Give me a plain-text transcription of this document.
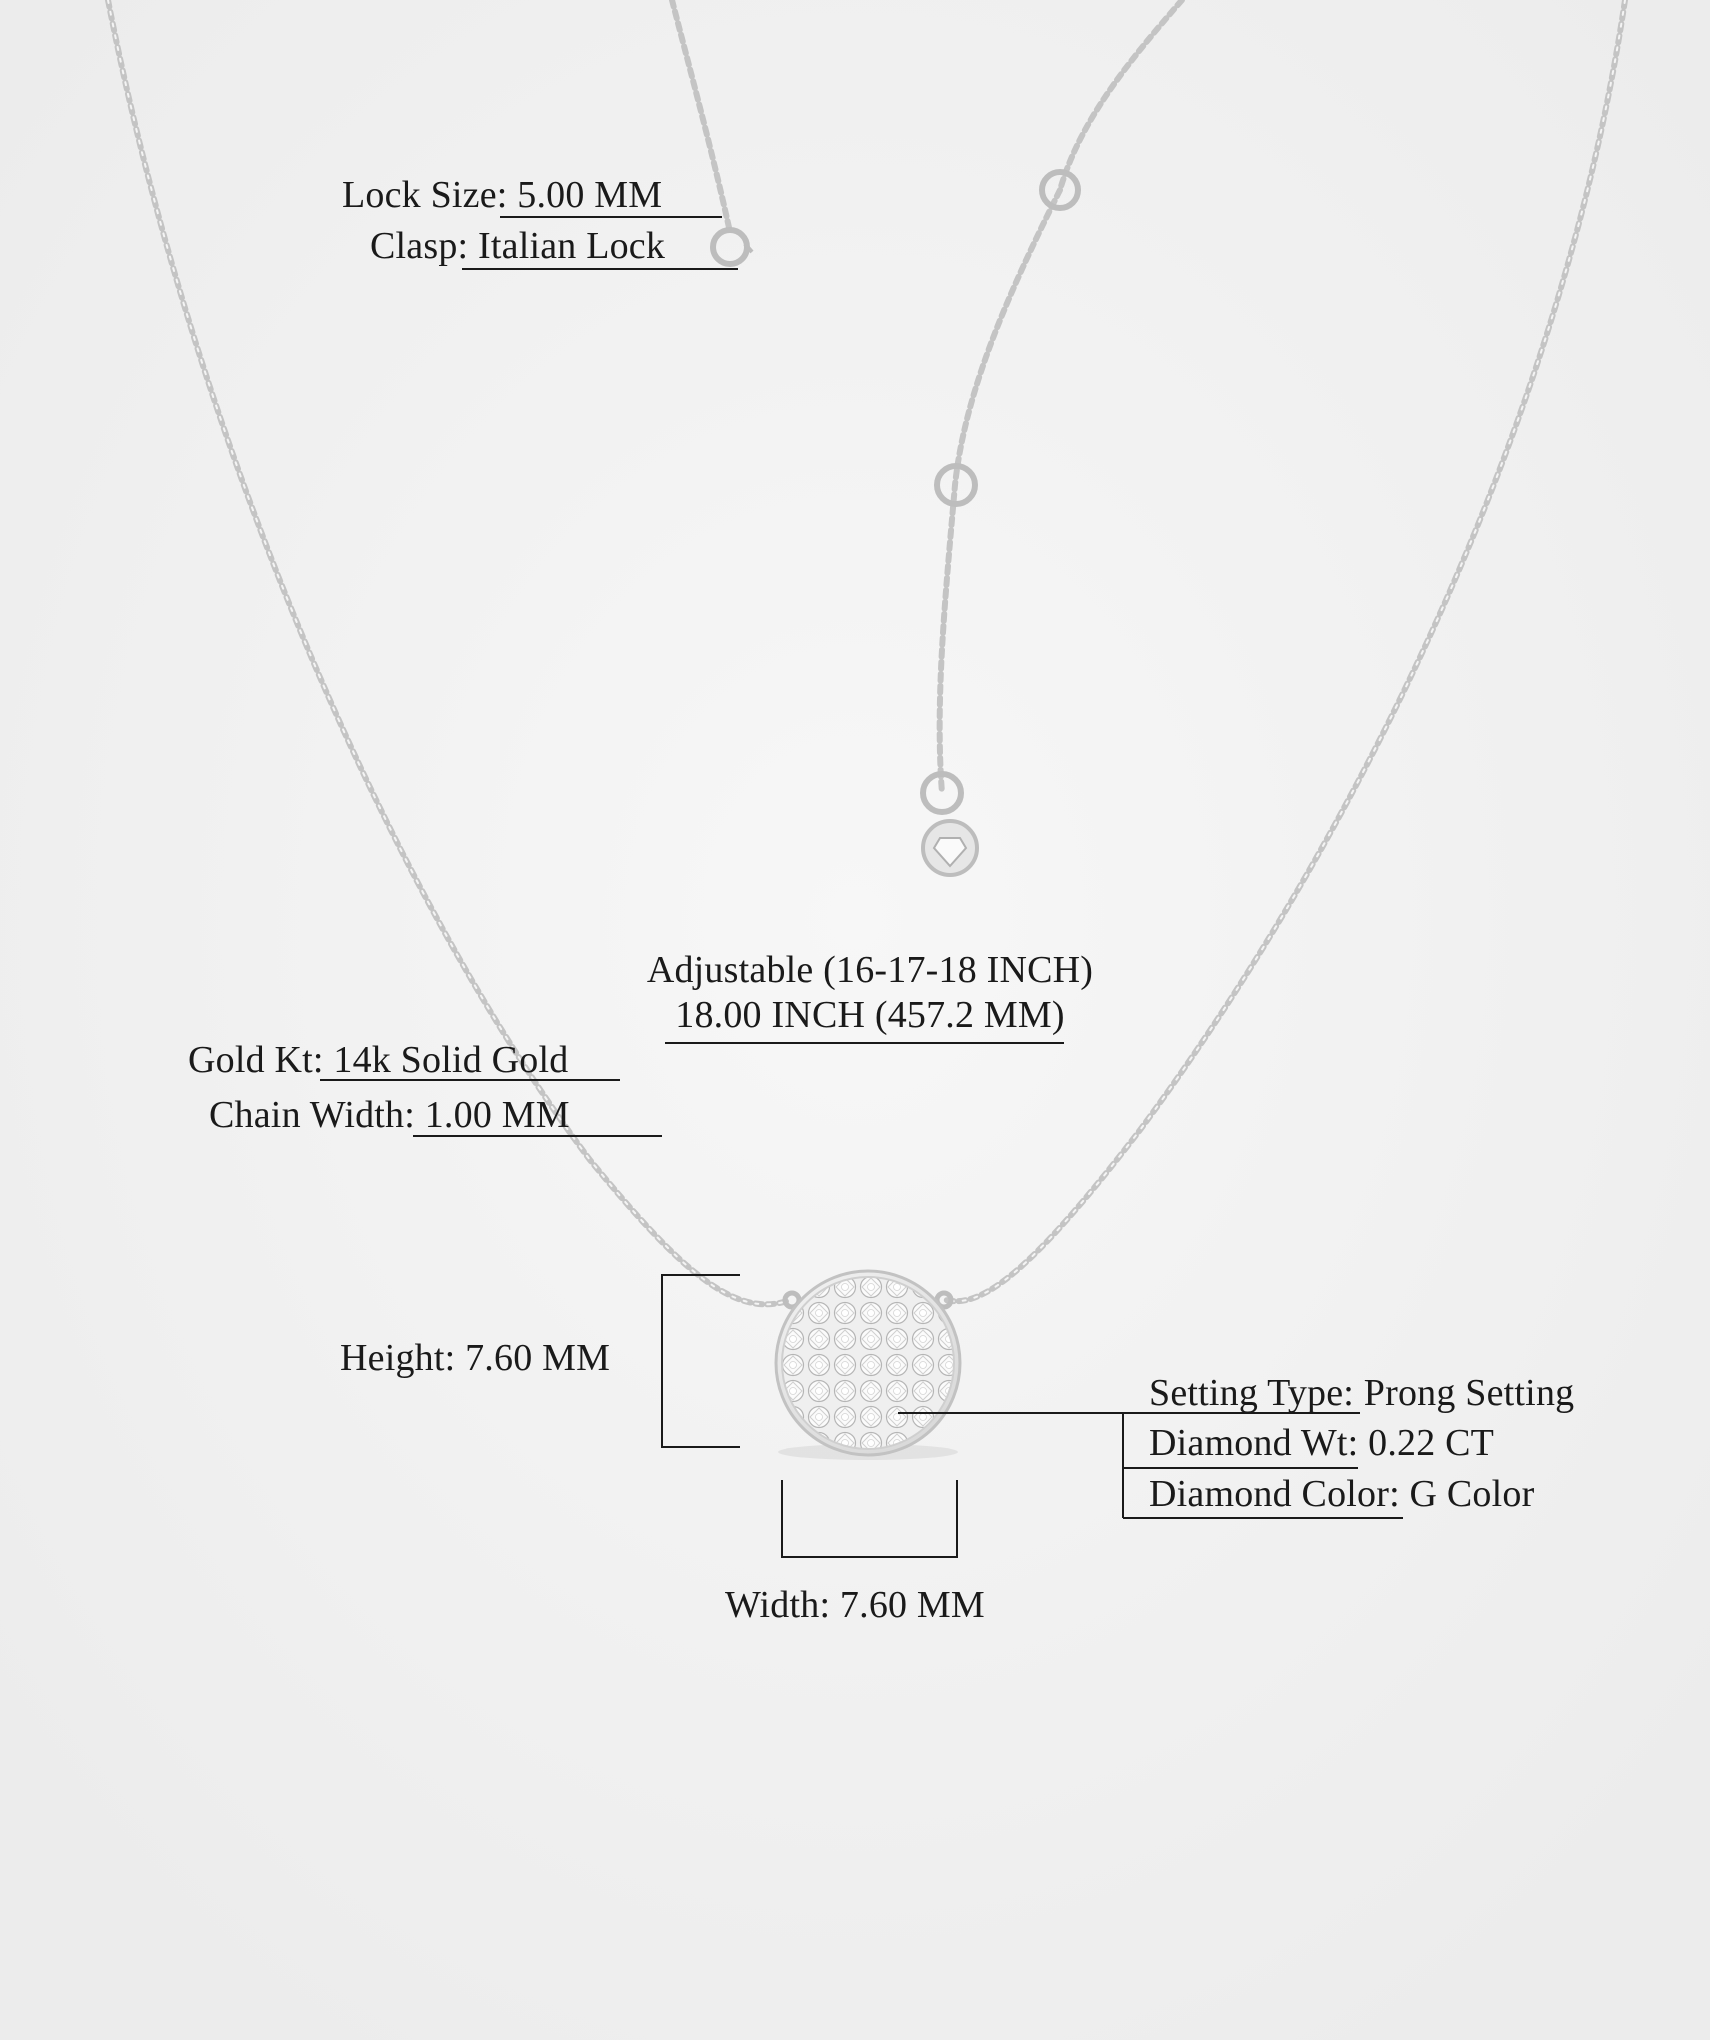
Lock Size: 5.00 MM
Clasp: Italian Lock
Adjustable (16-17-18 INCH)
18.00 INCH (457.2 MM)
Gold Kt: 14k Solid Gold
Chain Width: 1.00 MM
Height: 7.60 MM
Width: 7.60 MM
Setting Type: Prong Setting
Diamond Wt: 0.22 CT
Diamond Color: G Color
